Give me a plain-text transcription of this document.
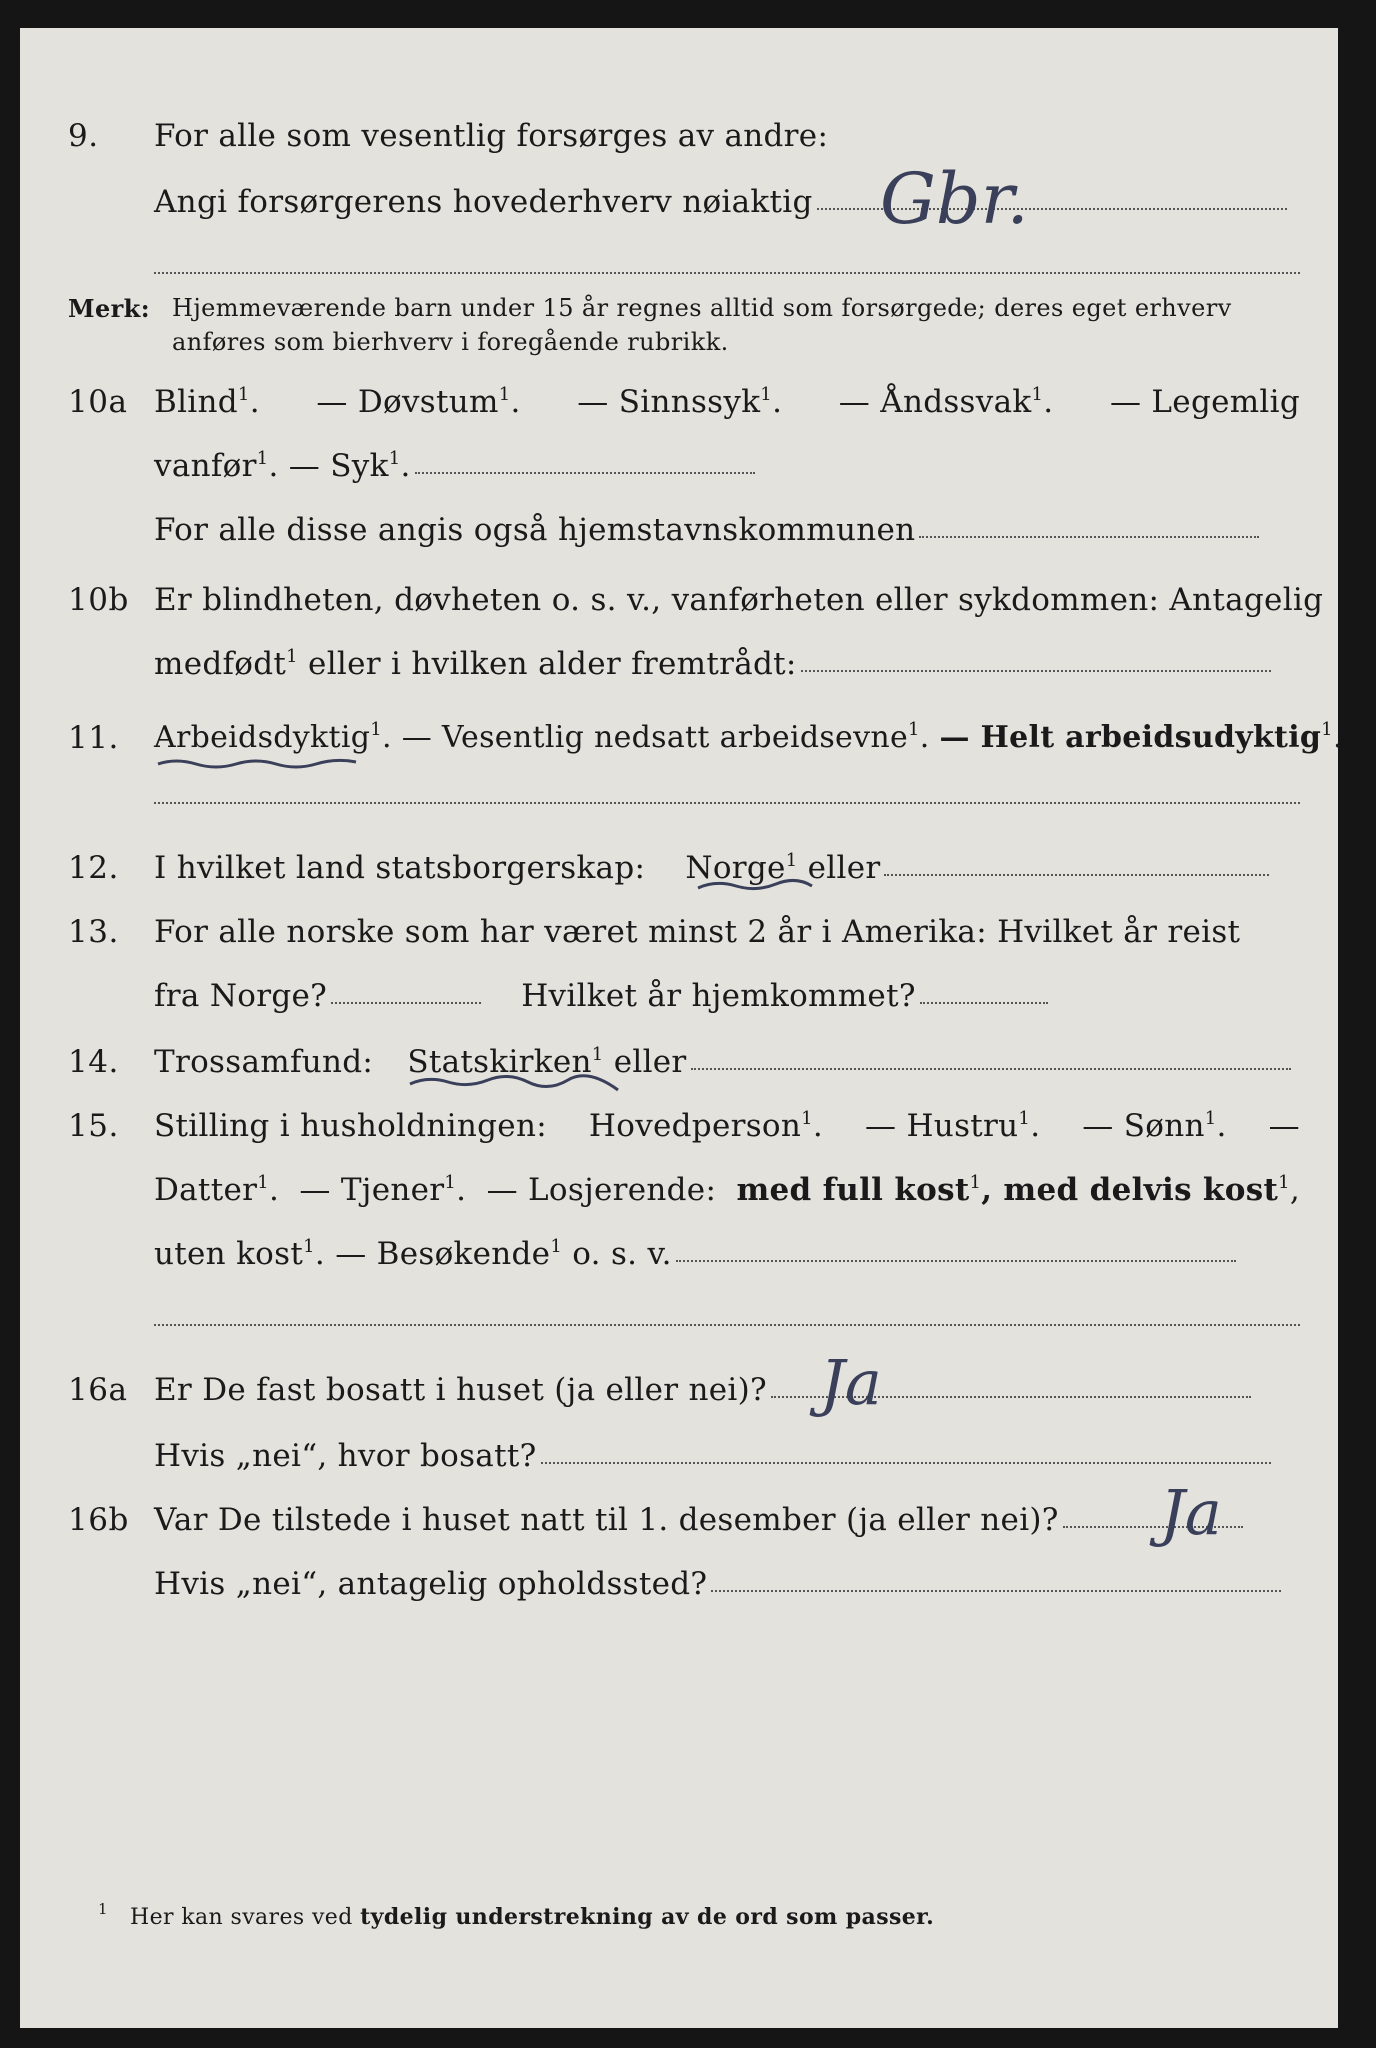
9. For alle som vesentlig forsørges av andre:
Angi forsørgerens hovederhverv nøiaktig Gbr.
Merk: Hjemmeværende barn under 15 år regnes alltid som forsørgede; deres eget erhverv
anføres som bierhverv i foregående rubrikk.
10a Blind$^1$. — Døvstum$^1$. — Sinnssyk$^1$. — Åndssvak$^1$. — Legemlig
vanfør$^1$. — Syk$^1$.
For alle disse angis også hjemstavnskommunen
10b Er blindheten, døvheten o. s. v., vanførheten eller sykdommen: Antagelig
medfødt$^1$ eller i hvilken alder fremtrådt:
11. Arbeidsdyktig$^1$. — Vesentlig nedsatt arbeidsevne$^1$. — Helt arbeidsudyktig$^1$.
12. I hvilket land statsborgerskap: Norge$^1$ eller
13. For alle norske som har været minst 2 år i Amerika: Hvilket år reist
fra Norge?	Hvilket år hjemkommet?
14. Trossamfund: Statskirken$^1$ eller
15. Stilling i husholdningen: Hovedperson$^1$. — Hustru$^1$. — Sønn$^1$. —
Datter$^1$. — Tjener$^1$. — Losjerende: med full kost$^1$, med delvis kost$^1$,
uten kost$^1$. — Besøkende$^1$ o. s. v.
16a Er De fast bosatt i huset (ja eller nei)? Ja
Hvis „nei“, hvor bosatt?
16b Var De tilstede i huset natt til 1. desember (ja eller nei)?	Ja
Hvis „nei“, antagelig opholdssted?
1 Her kan svares ved tydelig understrekning av de ord som passer.
